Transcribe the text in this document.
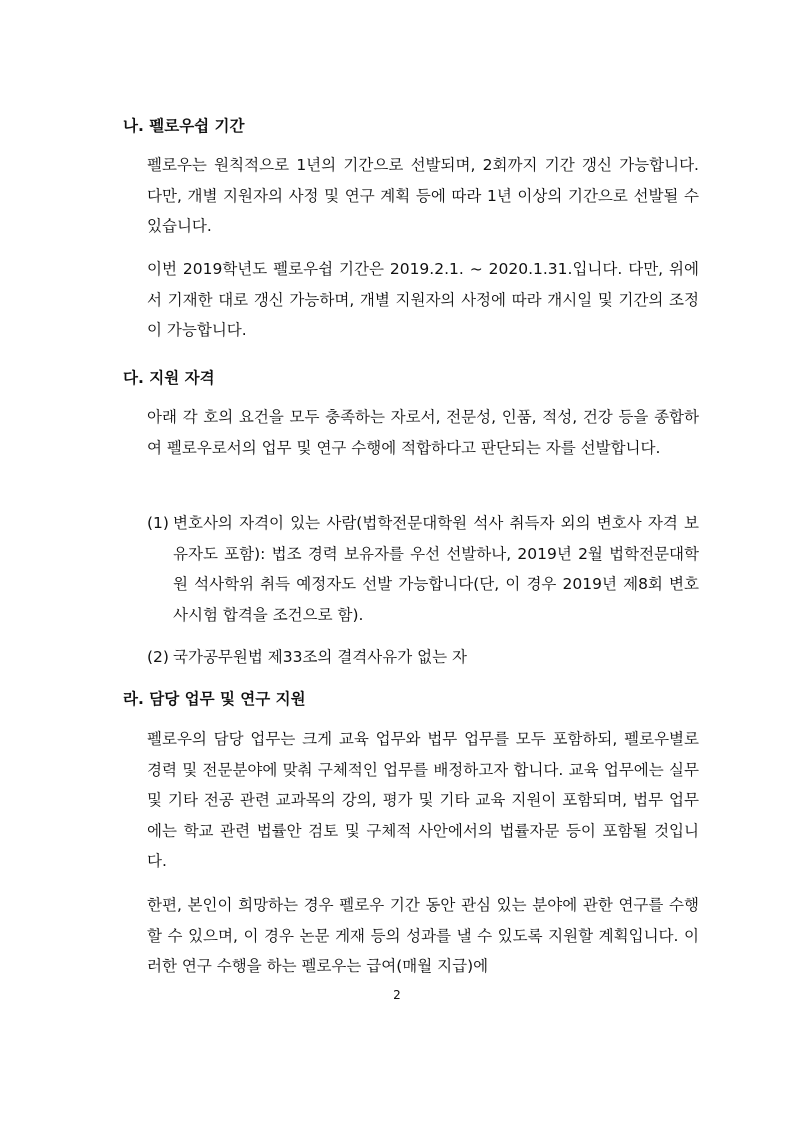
나. 펠로우쉽 기간
펠로우는 원칙적으로 1년의 기간으로 선발되며, 2회까지 기간 갱신 가능합니다. 다만, 개별 지원자의 사정 및 연구 계획 등에 따라 1년 이상의 기간으로 선발될 수 있습니다.
이번 2019학년도 펠로우쉽 기간은 2019.2.1. ~ 2020.1.31.입니다. 다만, 위에서 기재한 대로 갱신 가능하며, 개별 지원자의 사정에 따라 개시일 및 기간의 조정이 가능합니다.
다. 지원 자격
아래 각 호의 요건을 모두 충족하는 자로서, 전문성, 인품, 적성, 건강 등을 종합하여 펠로우로서의 업무 및 연구 수행에 적합하다고 판단되는 자를 선발합니다.
(1) 변호사의 자격이 있는 사람(법학전문대학원 석사 취득자 외의 변호사 자격 보유자도 포함): 법조 경력 보유자를 우선 선발하나, 2019년 2월 법학전문대학원 석사학위 취득 예정자도 선발 가능합니다(단, 이 경우 2019년 제8회 변호사시험 합격을 조건으로 함).
(2) 국가공무원법 제33조의 결격사유가 없는 자
라. 담당 업무 및 연구 지원
펠로우의 담당 업무는 크게 교육 업무와 법무 업무를 모두 포함하되, 펠로우별로 경력 및 전문분야에 맞춰 구체적인 업무를 배정하고자 합니다. 교육 업무에는 실무 및 기타 전공 관련 교과목의 강의, 평가 및 기타 교육 지원이 포함되며, 법무 업무에는 학교 관련 법률안 검토 및 구체적 사안에서의 법률자문 등이 포함될 것입니다.
한편, 본인이 희망하는 경우 펠로우 기간 동안 관심 있는 분야에 관한 연구를 수행할 수 있으며, 이 경우 논문 게재 등의 성과를 낼 수 있도록 지원할 계획입니다. 이러한 연구 수행을 하는 펠로우는 급여(매월 지급)에
2
